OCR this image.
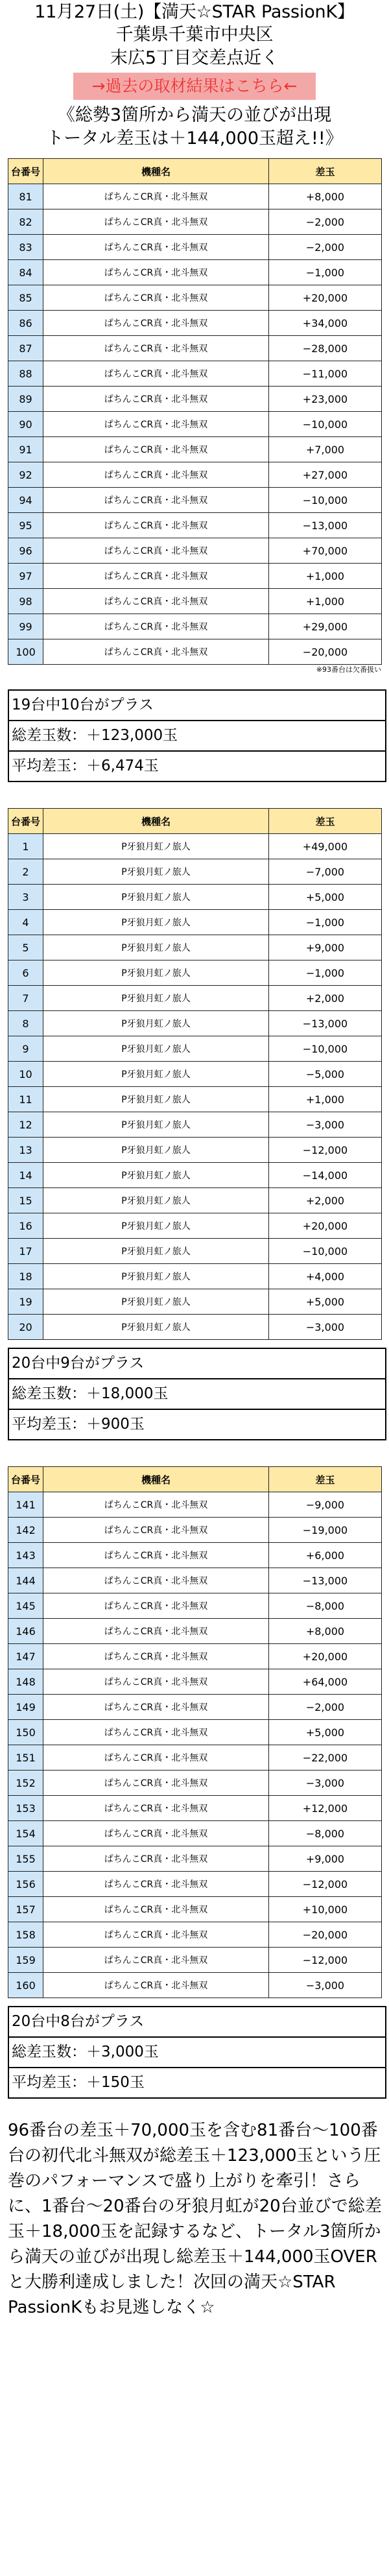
11月27日(土)【満天☆STAR PassionK】
千葉県千葉市中央区
末広5丁目交差点近く
→過去の取材結果はこちら←
《総勢3箇所から満天の並びが出現
トータル差玉は＋144,000玉超え!!》
台番号	機種名	差玉
81	ぱちんこCR真・北斗無双	+8,000
82	ぱちんこCR真・北斗無双	−2,000
83	ぱちんこCR真・北斗無双	−2,000
84	ぱちんこCR真・北斗無双	−1,000
85	ぱちんこCR真・北斗無双	+20,000
86	ぱちんこCR真・北斗無双	+34,000
87	ぱちんこCR真・北斗無双	−28,000
88	ぱちんこCR真・北斗無双	−11,000
89	ぱちんこCR真・北斗無双	+23,000
90	ぱちんこCR真・北斗無双	−10,000
91	ぱちんこCR真・北斗無双	+7,000
92	ぱちんこCR真・北斗無双	+27,000
94	ぱちんこCR真・北斗無双	−10,000
95	ぱちんこCR真・北斗無双	−13,000
96	ぱちんこCR真・北斗無双	+70,000
97	ぱちんこCR真・北斗無双	+1,000
98	ぱちんこCR真・北斗無双	+1,000
99	ぱちんこCR真・北斗無双	+29,000
100	ぱちんこCR真・北斗無双	−20,000
※93番台は欠番扱い
19台中10台がプラス
総差玉数：＋123,000玉
平均差玉：＋6,474玉
台番号	機種名	差玉
1	P牙狼月虹ノ旅人	+49,000
2	P牙狼月虹ノ旅人	−7,000
3	P牙狼月虹ノ旅人	+5,000
4	P牙狼月虹ノ旅人	−1,000
5	P牙狼月虹ノ旅人	+9,000
6	P牙狼月虹ノ旅人	−1,000
7	P牙狼月虹ノ旅人	+2,000
8	P牙狼月虹ノ旅人	−13,000
9	P牙狼月虹ノ旅人	−10,000
10	P牙狼月虹ノ旅人	−5,000
11	P牙狼月虹ノ旅人	+1,000
12	P牙狼月虹ノ旅人	−3,000
13	P牙狼月虹ノ旅人	−12,000
14	P牙狼月虹ノ旅人	−14,000
15	P牙狼月虹ノ旅人	+2,000
16	P牙狼月虹ノ旅人	+20,000
17	P牙狼月虹ノ旅人	−10,000
18	P牙狼月虹ノ旅人	+4,000
19	P牙狼月虹ノ旅人	+5,000
20	P牙狼月虹ノ旅人	−3,000
20台中9台がプラス
総差玉数：＋18,000玉
平均差玉：＋900玉
台番号	機種名	差玉
141	ぱちんこCR真・北斗無双	−9,000
142	ぱちんこCR真・北斗無双	−19,000
143	ぱちんこCR真・北斗無双	+6,000
144	ぱちんこCR真・北斗無双	−13,000
145	ぱちんこCR真・北斗無双	−8,000
146	ぱちんこCR真・北斗無双	+8,000
147	ぱちんこCR真・北斗無双	+20,000
148	ぱちんこCR真・北斗無双	+64,000
149	ぱちんこCR真・北斗無双	−2,000
150	ぱちんこCR真・北斗無双	+5,000
151	ぱちんこCR真・北斗無双	−22,000
152	ぱちんこCR真・北斗無双	−3,000
153	ぱちんこCR真・北斗無双	+12,000
154	ぱちんこCR真・北斗無双	−8,000
155	ぱちんこCR真・北斗無双	+9,000
156	ぱちんこCR真・北斗無双	−12,000
157	ぱちんこCR真・北斗無双	+10,000
158	ぱちんこCR真・北斗無双	−20,000
159	ぱちんこCR真・北斗無双	−12,000
160	ぱちんこCR真・北斗無双	−3,000
20台中8台がプラス
総差玉数：＋3,000玉
平均差玉：＋150玉
96番台の差玉＋70,000玉を含む81番台〜100番台の初代北斗無双が総差玉＋123,000玉という圧巻のパフォーマンスで盛り上がりを牽引！さらに、1番台〜20番台の牙狼月虹が20台並びで総差玉＋18,000玉を記録するなど、トータル3箇所から満天の並びが出現し総差玉＋144,000玉OVERと大勝利達成しました！次回の満天☆STAR PassionKもお見逃しなく☆
